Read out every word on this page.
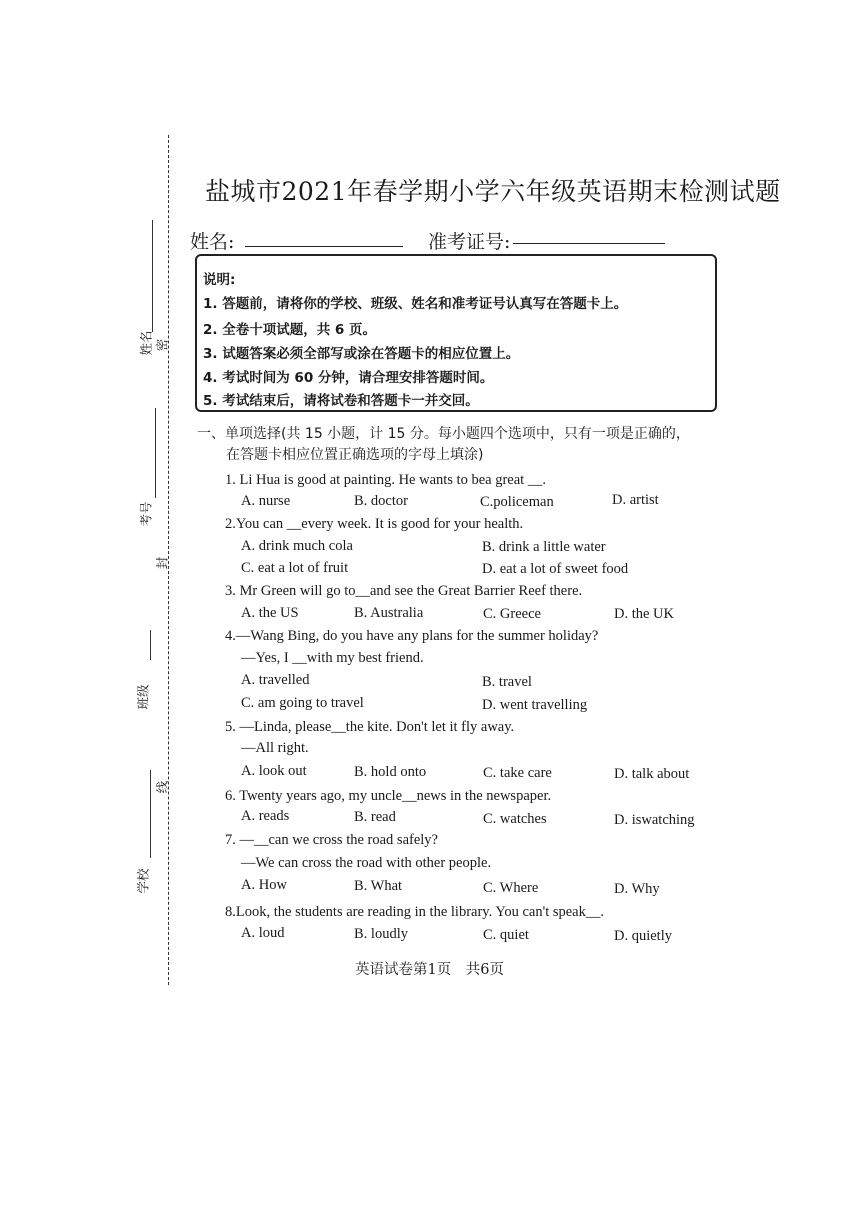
姓名 密
考号
封
班级
线
学校
盐城市2021年春学期小学六年级英语期末检测试题
姓名:	准考证号:
说明:
1. 答题前，请将你的学校、班级、姓名和准考证号认真写在答题卡上。
2. 全卷十项试题，共 6 页。
3. 试题答案必须全部写或涂在答题卡的相应位置上。
4. 考试时间为 60 分钟，请合理安排答题时间。
5. 考试结束后，请将试卷和答题卡一并交回。
一、单项选择(共 15 小题，计 15 分。每小题四个选项中，只有一项是正确的，
在答题卡相应位置正确选项的字母上填涂)
1. Li Hua is good at painting. He wants to bea great __.
A. nurse	B. doctor	C.policeman	D. artist
2.You can __every week. It is good for your health.
A. drink much cola	B. drink a little water
C. eat a lot of fruit	D. eat a lot of sweet food
3. Mr Green will go to__and see the Great Barrier Reef there.
A. the US	B. Australia	C. Greece	D. the UK
4.—Wang Bing, do you have any plans for the summer holiday?
—Yes, I __with my best friend.
A. travelled	B. travel
C. am going to travel	D. went travelling
5. —Linda, please__the kite. Don't let it fly away.
—All right.
A. look out	B. hold onto	C. take care	D. talk about
6. Twenty years ago, my uncle__news in the newspaper.
A. reads	B. read	C. watches	D. iswatching
7. —__can we cross the road safely?
—We can cross the road with other people.
A. How	B. What	C. Where	D. Why
8.Look, the students are reading in the library. You can't speak__.
A. loud	B. loudly	C. quiet	D. quietly
英语试卷第1页　共6页
